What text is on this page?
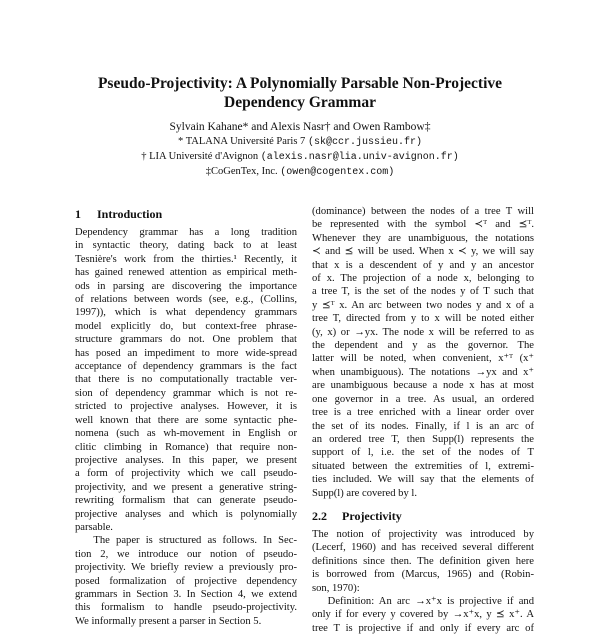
Pseudo-Projectivity: A Polynomially Parsable Non-Projective
Dependency Grammar
Sylvain Kahane* and Alexis Nasr† and Owen Rambow‡
* TALANA Université Paris 7 (sk@ccr.jussieu.fr)
† LIA Université d'Avignon (alexis.nasr@lia.univ-avignon.fr)
‡CoGenTex, Inc. (owen@cogentex.com)
1 Introduction
Dependency grammar has a long tradition
in syntactic theory, dating back to at least
Tesnière's work from the thirties.¹ Recently, it
has gained renewed attention as empirical meth-
ods in parsing are discovering the importance
of relations between words (see, e.g., (Collins,
1997)), which is what dependency grammars
model explicitly do, but context-free phrase-
structure grammars do not. One problem that
has posed an impediment to more wide-spread
acceptance of dependency grammars is the fact
that there is no computationally tractable ver-
sion of dependency grammar which is not re-
stricted to projective analyses. However, it is
well known that there are some syntactic phe-
nomena (such as wh-movement in English or
clitic climbing in Romance) that require non-
projective analyses. In this paper, we present
a form of projectivity which we call pseudo-
projectivity, and we present a generative string-
rewriting formalism that can generate pseudo-
projective analyses and which is polynomially
parsable.
The paper is structured as follows. In Sec-
tion 2, we introduce our notion of pseudo-
projectivity. We briefly review a previously pro-
posed formalization of projective dependency
grammars in Section 3. In Section 4, we extend
this formalism to handle pseudo-projectivity.
We informally present a parser in Section 5.
(dominance) between the nodes of a tree T will
be represented with the symbol ≺ᵀ and ⪯ᵀ.
Whenever they are unambiguous, the notations
≺ and ⪯ will be used. When x ≺ y, we will say
that x is a descendent of y and y an ancestor
of x. The projection of a node x, belonging to
a tree T, is the set of the nodes y of T such that
y ⪯ᵀ x. An arc between two nodes y and x of a
tree T, directed from y to x will be noted either
(y, x) or →yx. The node x will be referred to as
the dependent and y as the governor. The
latter will be noted, when convenient, x⁺ᵀ (x⁺
when unambiguous). The notations →yx and x⁺
are unambiguous because a node x has at most
one governor in a tree. As usual, an ordered
tree is a tree enriched with a linear order over
the set of its nodes. Finally, if l is an arc of
an ordered tree T, then Supp(l) represents the
support of l, i.e. the set of the nodes of T
situated between the extremities of l, extremi-
ties included. We will say that the elements of
Supp(l) are covered by l.
2.2 Projectivity
The notion of projectivity was introduced by
(Lecerf, 1960) and has received several different
definitions since then. The definition given here
is borrowed from (Marcus, 1965) and (Robin-
son, 1970):
Definition: An arc →x⁺x is projective if and
only if for every y covered by →x⁺x, y ⪯ x⁺. A
tree T is projective if and only if every arc of
